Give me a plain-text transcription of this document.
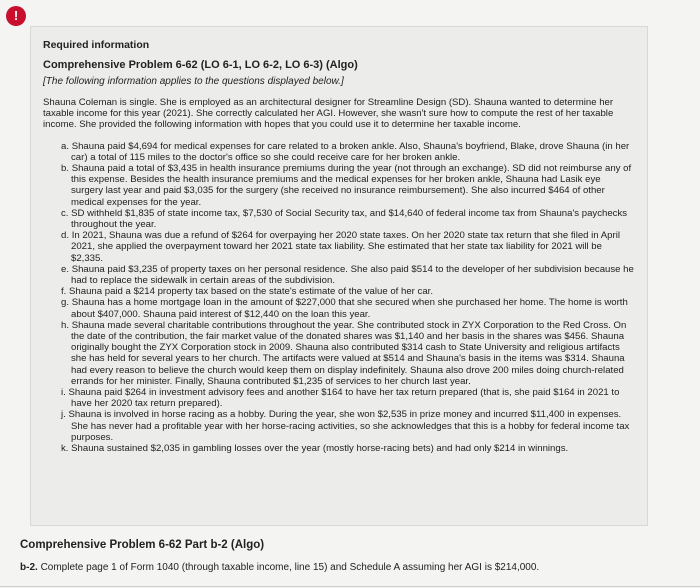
!
Required information
Comprehensive Problem 6-62 (LO 6-1, LO 6-2, LO 6-3) (Algo)
[The following information applies to the questions displayed below.]
Shauna Coleman is single. She is employed as an architectural designer for Streamline Design (SD). Shauna wanted to determine her taxable income for this year (2021). She correctly calculated her AGI. However, she wasn't sure how to compute the rest of her taxable income. She provided the following information with hopes that you could use it to determine her taxable income.
a. Shauna paid $4,694 for medical expenses for care related to a broken ankle. Also, Shauna's boyfriend, Blake, drove Shauna (in her car) a total of 115 miles to the doctor's office so she could receive care for her broken ankle.
b. Shauna paid a total of $3,435 in health insurance premiums during the year (not through an exchange). SD did not reimburse any of this expense. Besides the health insurance premiums and the medical expenses for her broken ankle, Shauna had Lasik eye surgery last year and paid $3,035 for the surgery (she received no insurance reimbursement). She also incurred $464 of other medical expenses for the year.
c. SD withheld $1,835 of state income tax, $7,530 of Social Security tax, and $14,640 of federal income tax from Shauna's paychecks throughout the year.
d. In 2021, Shauna was due a refund of $264 for overpaying her 2020 state taxes. On her 2020 state tax return that she filed in April 2021, she applied the overpayment toward her 2021 state tax liability. She estimated that her state tax liability for 2021 will be $2,335.
e. Shauna paid $3,235 of property taxes on her personal residence. She also paid $514 to the developer of her subdivision because he had to replace the sidewalk in certain areas of the subdivision.
f. Shauna paid a $214 property tax based on the state's estimate of the value of her car.
g. Shauna has a home mortgage loan in the amount of $227,000 that she secured when she purchased her home. The home is worth about $407,000. Shauna paid interest of $12,440 on the loan this year.
h. Shauna made several charitable contributions throughout the year. She contributed stock in ZYX Corporation to the Red Cross. On the date of the contribution, the fair market value of the donated shares was $1,140 and her basis in the shares was $456. Shauna originally bought the ZYX Corporation stock in 2009. Shauna also contributed $314 cash to State University and religious artifacts she has held for several years to her church. The artifacts were valued at $514 and Shauna's basis in the items was $314. Shauna had every reason to believe the church would keep them on display indefinitely. Shauna also drove 200 miles doing church-related errands for her minister. Finally, Shauna contributed $1,235 of services to her church last year.
i. Shauna paid $264 in investment advisory fees and another $164 to have her tax return prepared (that is, she paid $164 in 2021 to have her 2020 tax return prepared).
j. Shauna is involved in horse racing as a hobby. During the year, she won $2,535 in prize money and incurred $11,400 in expenses. She has never had a profitable year with her horse-racing activities, so she acknowledges that this is a hobby for federal income tax purposes.
k. Shauna sustained $2,035 in gambling losses over the year (mostly horse-racing bets) and had only $214 in winnings.
Comprehensive Problem 6-62 Part b-2 (Algo)
b-2. Complete page 1 of Form 1040 (through taxable income, line 15) and Schedule A assuming her AGI is $214,000.
